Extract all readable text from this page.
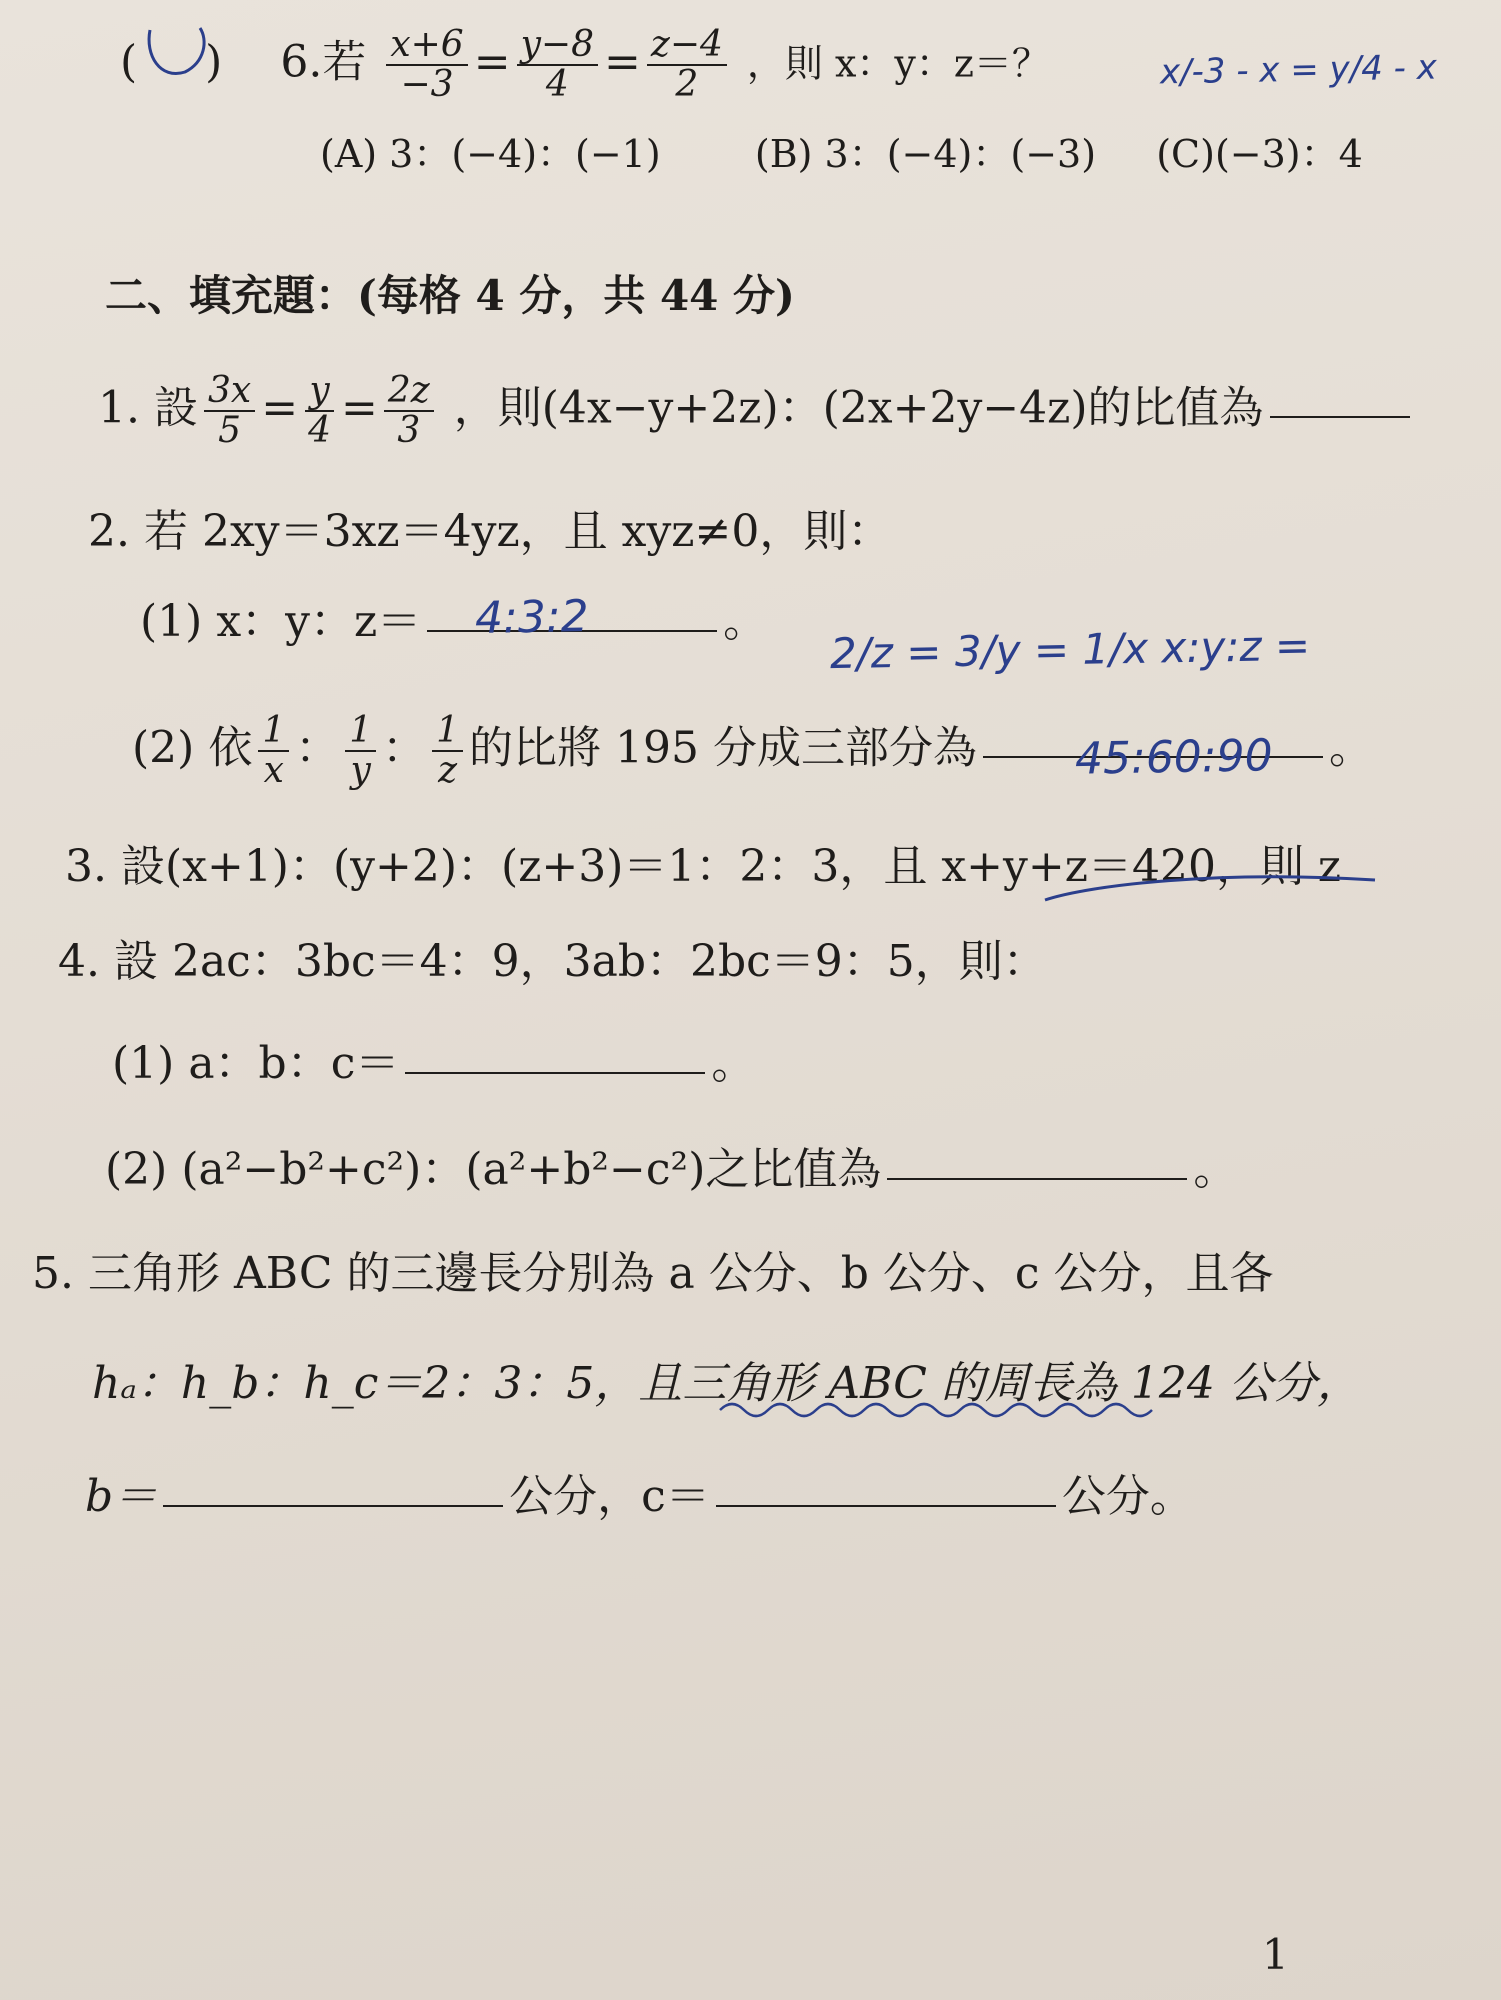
( ) 6.若 $\frac{x+6}{-3} = \frac{y-8}{4} = \frac{z-4}{2}$ ，則 x：y：z＝？	x/-3 - x = y/4 - x
(A) 3：(−4)：(−1) (B) 3：(−4)：(−3) (C)(−3)：4
二、填充題：(每格 4 分，共 44 分)
1. 設 $\frac{3x}{5} = \frac{y}{4} = \frac{2z}{3}$ ，則(4x−y+2z)：(2x+2y−4z)的比值為
2. 若 2xy＝3xz＝4yz，且 xyz≠0，則：
(1) x：y：z＝	。
4:3:2
2/z = 3/y = 1/x x:y:z =
(2) 依 $\frac{1}{x}$ ： $\frac{1}{y}$ ： $\frac{1}{z}$ 的比將 195 分成三部分為	。
45:60:90
3. 設(x+1)：(y+2)：(z+3)＝1：2：3，且 x+y+z＝420，則 z
4. 設 2ac：3bc＝4：9，3ab：2bc＝9：5，則：
(1) a：b：c＝	。
(2) (a²−b²+c²)：(a²+b²−c²)之比值為	。
5. 三角形 ABC 的三邊長分別為 a 公分、b 公分、c 公分，且各
hₐ：h_b：h_c＝2：3：5，且三角形 ABC 的周長為 124 公分，
b＝	公分，c＝	公分。
1
